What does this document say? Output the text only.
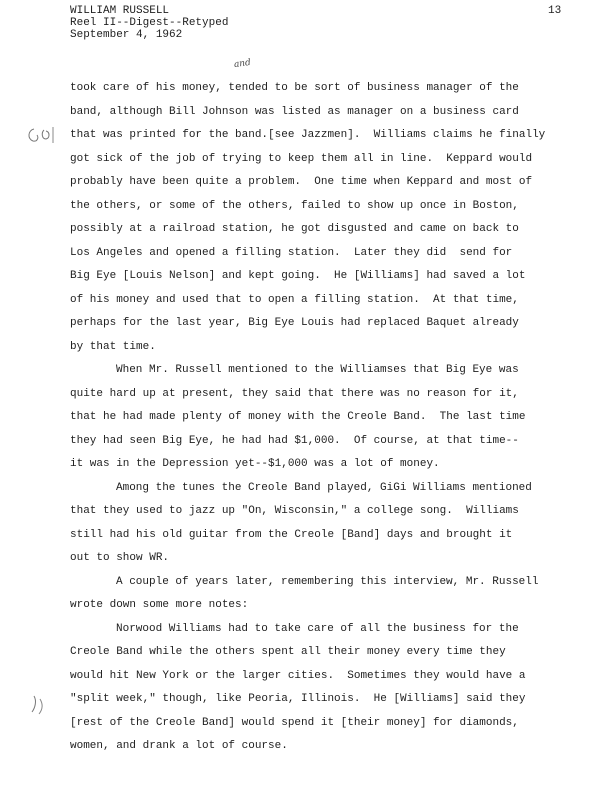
WILLIAM RUSSELL
Reel II--Digest--Retyped
September 4, 1962
13
and
took care of his money, tended to be sort of business manager of the
band, although Bill Johnson was listed as manager on a business card
that was printed for the band.[see Jazzmen].  Williams claims he finally
got sick of the job of trying to keep them all in line.  Keppard would
probably have been quite a problem.  One time when Keppard and most of
the others, or some of the others, failed to show up once in Boston,
possibly at a railroad station, he got disgusted and came on back to
Los Angeles and opened a filling station.  Later they did  send for
Big Eye [Louis Nelson] and kept going.  He [Williams] had saved a lot
of his money and used that to open a filling station.  At that time,
perhaps for the last year, Big Eye Louis had replaced Baquet already
by that time.
When Mr. Russell mentioned to the Williamses that Big Eye was
quite hard up at present, they said that there was no reason for it,
that he had made plenty of money with the Creole Band.  The last time
they had seen Big Eye, he had had $1,000.  Of course, at that time--
it was in the Depression yet--$1,000 was a lot of money.
Among the tunes the Creole Band played, GiGi Williams mentioned
that they used to jazz up "On, Wisconsin," a college song.  Williams
still had his old guitar from the Creole [Band] days and brought it
out to show WR.
A couple of years later, remembering this interview, Mr. Russell
wrote down some more notes:
Norwood Williams had to take care of all the business for the
Creole Band while the others spent all their money every time they
would hit New York or the larger cities.  Sometimes they would have a
"split week," though, like Peoria, Illinois.  He [Williams] said they
[rest of the Creole Band] would spend it [their money] for diamonds,
women, and drank a lot of course.
